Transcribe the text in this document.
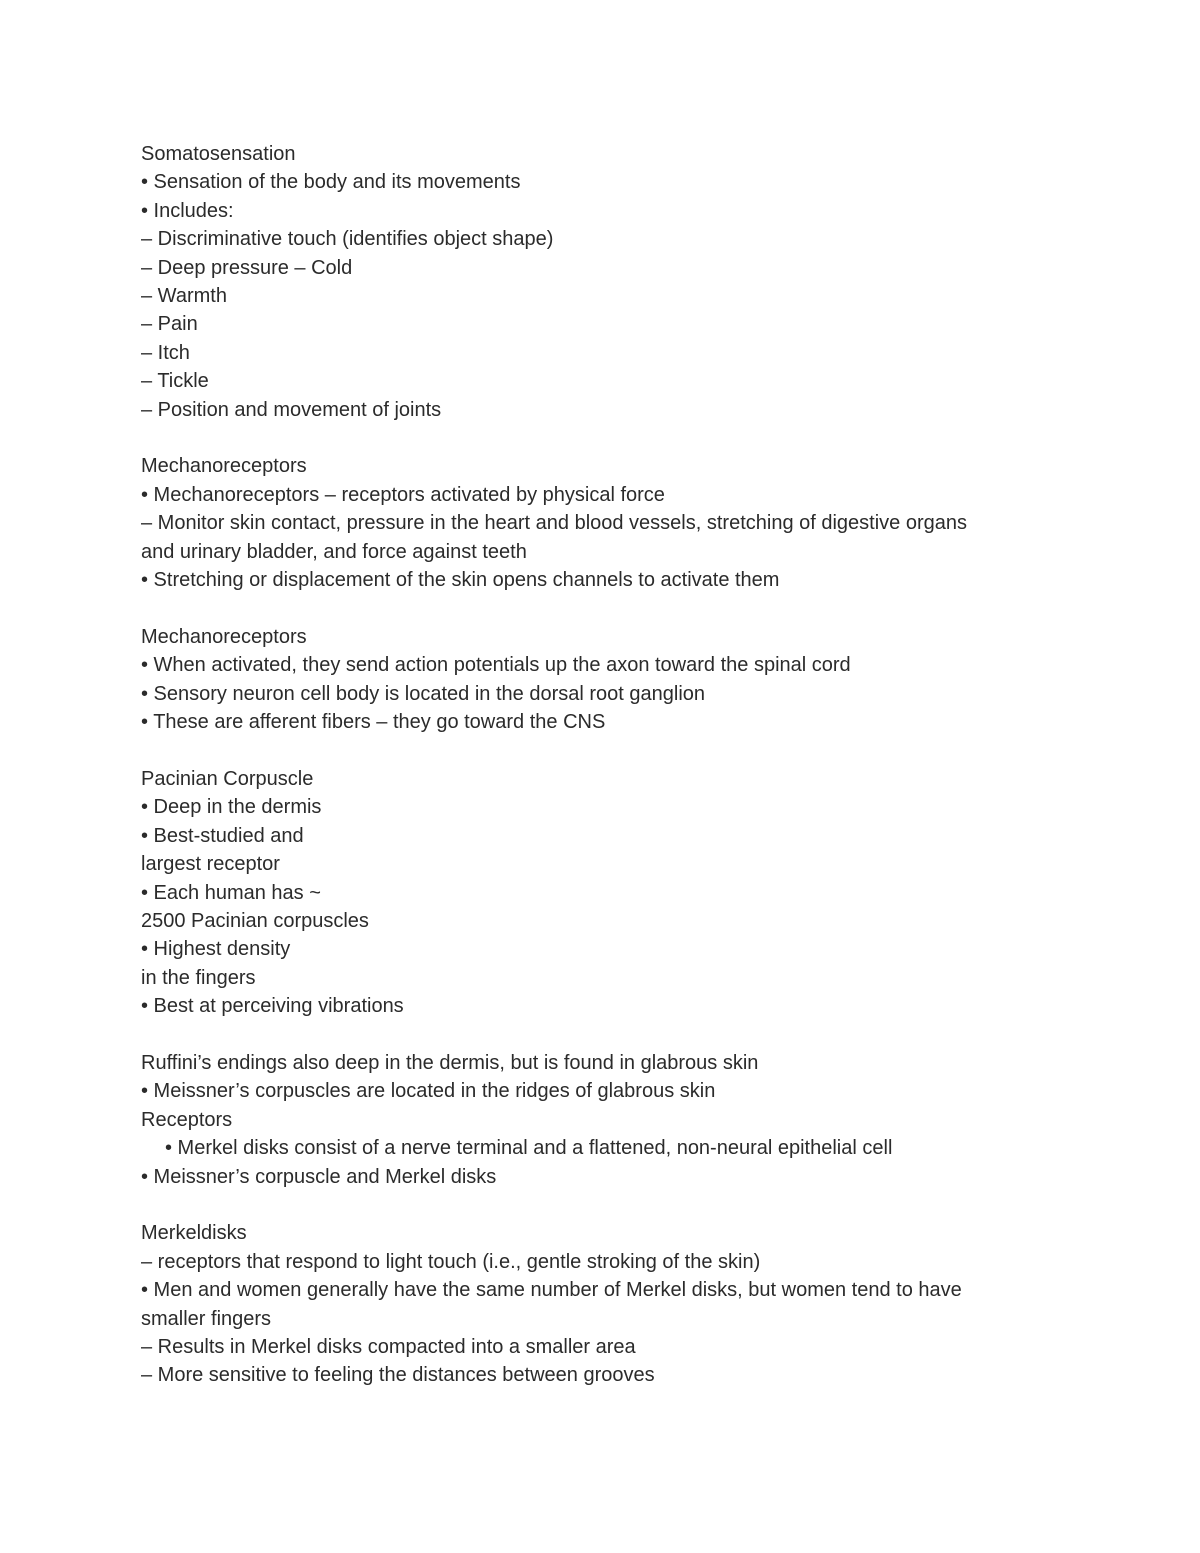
Somatosensation
• Sensation of the body and its movements
• Includes:
– Discriminative touch (identifies object shape)
– Deep pressure – Cold
– Warmth
– Pain
– Itch
– Tickle
– Position and movement of joints
Mechanoreceptors
• Mechanoreceptors – receptors activated by physical force
– Monitor skin contact, pressure in the heart and blood vessels, stretching of digestive organs
and urinary bladder, and force against teeth
• Stretching or displacement of the skin opens channels to activate them
Mechanoreceptors
• When activated, they send action potentials up the axon toward the spinal cord
• Sensory neuron cell body is located in the dorsal root ganglion
• These are afferent fibers – they go toward the CNS
Pacinian Corpuscle
• Deep in the dermis
• Best-studied and
largest receptor
• Each human has ~
2500 Pacinian corpuscles
• Highest density
in the fingers
• Best at perceiving vibrations
Ruffini’s endings also deep in the dermis, but is found in glabrous skin
• Meissner’s corpuscles are located in the ridges of glabrous skin
Receptors
• Merkel disks consist of a nerve terminal and a flattened, non-neural epithelial cell
• Meissner’s corpuscle and Merkel disks
Merkeldisks
– receptors that respond to light touch (i.e., gentle stroking of the skin)
• Men and women generally have the same number of Merkel disks, but women tend to have
smaller fingers
– Results in Merkel disks compacted into a smaller area
– More sensitive to feeling the distances between grooves
